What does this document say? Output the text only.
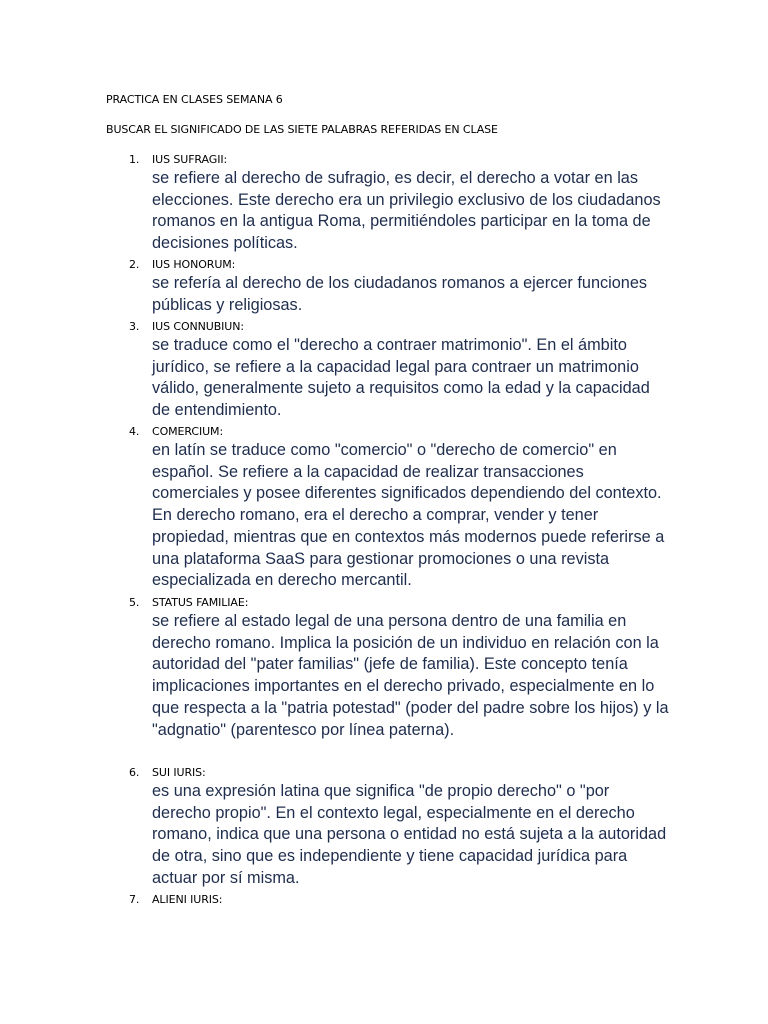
PRACTICA EN CLASES SEMANA 6
BUSCAR EL SIGNIFICADO DE LAS SIETE PALABRAS REFERIDAS EN CLASE
1. IUS SUFRAGII:
se refiere al derecho de sufragio, es decir, el derecho a votar en las elecciones. Este derecho era un privilegio exclusivo de los ciudadanos romanos en la antigua Roma, permitiéndoles participar en la toma de decisiones políticas.
2. IUS HONORUM:
se refería al derecho de los ciudadanos romanos a ejercer funciones públicas y religiosas.
3. IUS CONNUBIUN:
se traduce como el "derecho a contraer matrimonio". En el ámbito jurídico, se refiere a la capacidad legal para contraer un matrimonio válido, generalmente sujeto a requisitos como la edad y la capacidad de entendimiento.
4. COMERCIUM:
en latín se traduce como "comercio" o "derecho de comercio" en español. Se refiere a la capacidad de realizar transacciones comerciales y posee diferentes significados dependiendo del contexto. En derecho romano, era el derecho a comprar, vender y tener propiedad, mientras que en contextos más modernos puede referirse a una plataforma SaaS para gestionar promociones o una revista especializada en derecho mercantil.
5. STATUS FAMILIAE:
se refiere al estado legal de una persona dentro de una familia en derecho romano. Implica la posición de un individuo en relación con la autoridad del "pater familias" (jefe de familia). Este concepto tenía implicaciones importantes en el derecho privado, especialmente en lo que respecta a la "patria potestad" (poder del padre sobre los hijos) y la "adgnatio" (parentesco por línea paterna).
6. SUI IURIS:
es una expresión latina que significa "de propio derecho" o "por derecho propio". En el contexto legal, especialmente en el derecho romano, indica que una persona o entidad no está sujeta a la autoridad de otra, sino que es independiente y tiene capacidad jurídica para actuar por sí misma.
7. ALIENI IURIS:
